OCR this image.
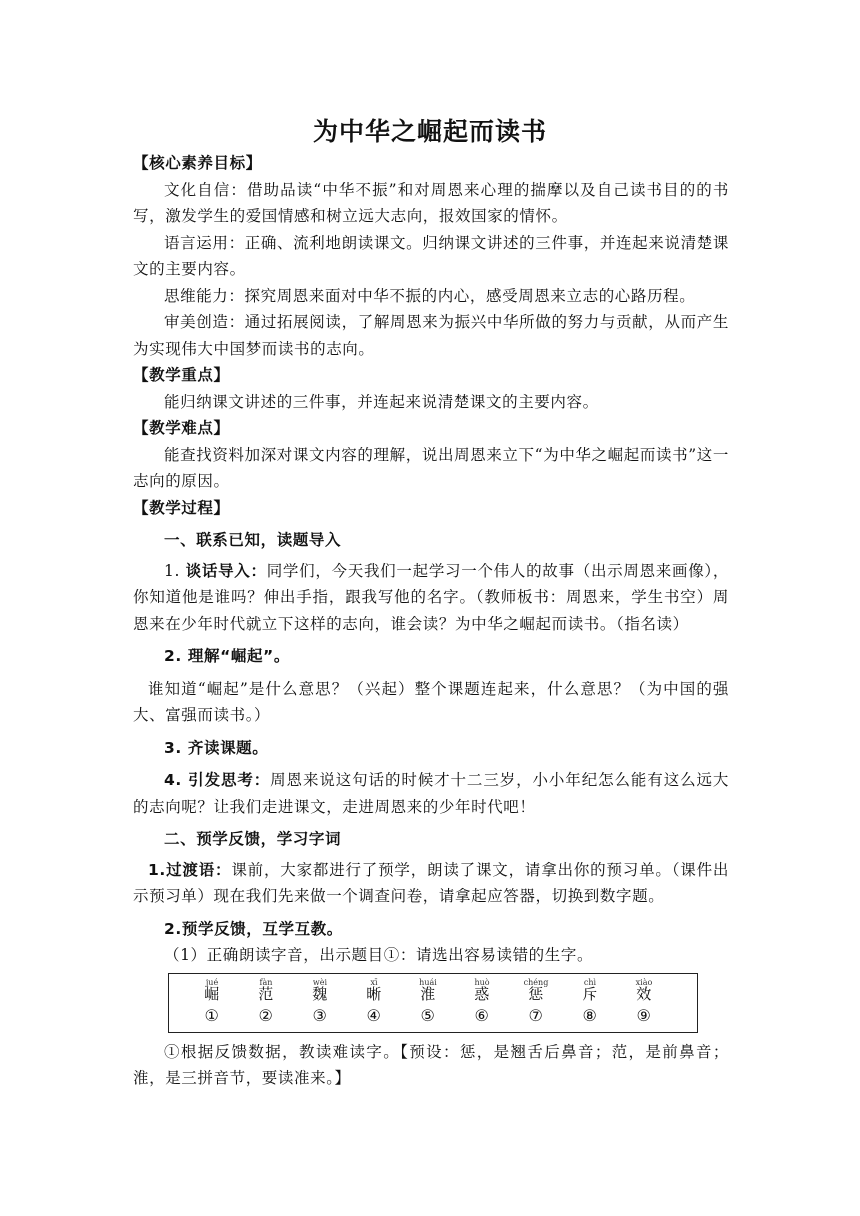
为中华之崛起而读书

【核心素养目标】

文化自信：借助品读“中华不振”和对周恩来心理的揣摩以及自己读书目的的书写，激发学生的爱国情感和树立远大志向，报效国家的情怀。

语言运用：正确、流利地朗读课文。归纳课文讲述的三件事，并连起来说清楚课文的主要内容。

思维能力：探究周恩来面对中华不振的内心，感受周恩来立志的心路历程。

审美创造：通过拓展阅读，了解周恩来为振兴中华所做的努力与贡献，从而产生为实现伟大中国梦而读书的志向。

【教学重点】

能归纳课文讲述的三件事，并连起来说清楚课文的主要内容。

【教学难点】

能查找资料加深对课文内容的理解，说出周恩来立下“为中华之崛起而读书”这一志向的原因。

【教学过程】

一、联系已知，读题导入

1. 谈话导入：同学们，今天我们一起学习一个伟人的故事（出示周恩来画像），你知道他是谁吗？伸出手指，跟我写他的名字。（教师板书：周恩来，学生书空）周恩来在少年时代就立下这样的志向，谁会读？为中华之崛起而读书。（指名读）

2. 理解“崛起”。

谁知道“崛起”是什么意思？（兴起）整个课题连起来，什么意思？（为中国的强大、富强而读书。）

3. 齐读课题。

4. 引发思考：周恩来说这句话的时候才十二三岁，小小年纪怎么能有这么远大的志向呢？让我们走进课文，走进周恩来的少年时代吧！

二、预学反馈，学习字词

1.过渡语：课前，大家都进行了预学，朗读了课文，请拿出你的预习单。（课件出示预习单）现在我们先来做一个调查问卷，请拿起应答器，切换到数字题。

2.预学反馈，互学互教。

（1）正确朗读字音，出示题目①：请选出容易读错的生字。

jué
崛
①
fàn
范
②
wèi
魏
③
xī
晰
④
huái
淮
⑤
huò
惑
⑥
chéng
惩
⑦
chì
斥
⑧
xiào
效
⑨

①根据反馈数据，教读难读字。【预设：惩，是翘舌后鼻音；范，是前鼻音；淮，是三拼音节，要读准来。】
